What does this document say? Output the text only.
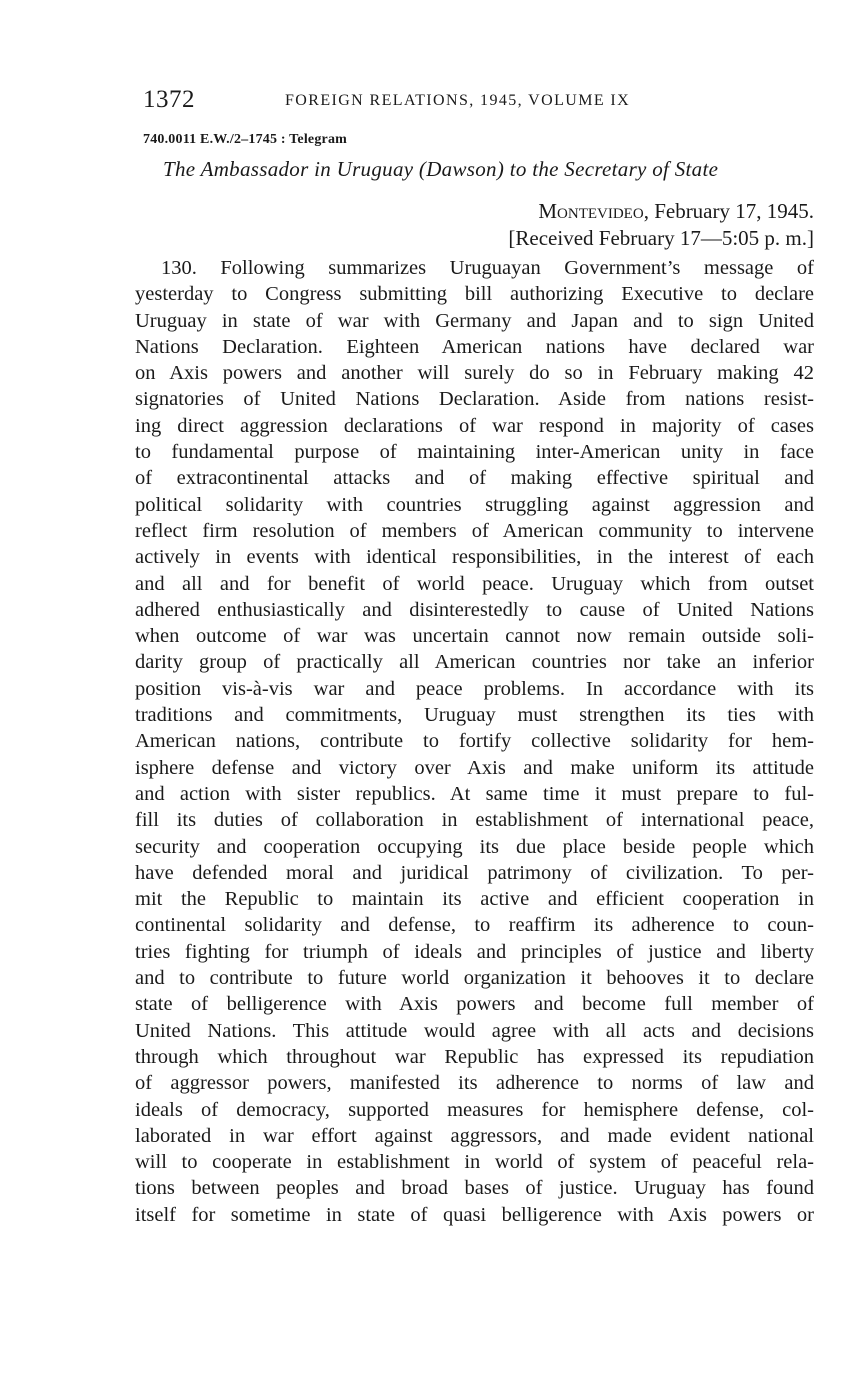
1372	FOREIGN RELATIONS, 1945, VOLUME IX
740.0011 E.W./2–1745 : Telegram
The Ambassador in Uruguay (Dawson) to the Secretary of State
Montevideo, February 17, 1945.
[Received February 17—5:05 p. m.]
130. Following summarizes Uruguayan Government’s message of
yesterday to Congress submitting bill authorizing Executive to declare
Uruguay in state of war with Germany and Japan and to sign United
Nations Declaration. Eighteen American nations have declared war
on Axis powers and another will surely do so in February making 42
signatories of United Nations Declaration. Aside from nations resist-
ing direct aggression declarations of war respond in majority of cases
to fundamental purpose of maintaining inter-American unity in face
of extracontinental attacks and of making effective spiritual and
political solidarity with countries struggling against aggression and
reflect firm resolution of members of American community to intervene
actively in events with identical responsibilities, in the interest of each
and all and for benefit of world peace. Uruguay which from outset
adhered enthusiastically and disinterestedly to cause of United Nations
when outcome of war was uncertain cannot now remain outside soli-
darity group of practically all American countries nor take an inferior
position vis-à-vis war and peace problems. In accordance with its
traditions and commitments, Uruguay must strengthen its ties with
American nations, contribute to fortify collective solidarity for hem-
isphere defense and victory over Axis and make uniform its attitude
and action with sister republics. At same time it must prepare to ful-
fill its duties of collaboration in establishment of international peace,
security and cooperation occupying its due place beside people which
have defended moral and juridical patrimony of civilization. To per-
mit the Republic to maintain its active and efficient cooperation in
continental solidarity and defense, to reaffirm its adherence to coun-
tries fighting for triumph of ideals and principles of justice and liberty
and to contribute to future world organization it behooves it to declare
state of belligerence with Axis powers and become full member of
United Nations. This attitude would agree with all acts and decisions
through which throughout war Republic has expressed its repudiation
of aggressor powers, manifested its adherence to norms of law and
ideals of democracy, supported measures for hemisphere defense, col-
laborated in war effort against aggressors, and made evident national
will to cooperate in establishment in world of system of peaceful rela-
tions between peoples and broad bases of justice. Uruguay has found
itself for sometime in state of quasi belligerence with Axis powers or
